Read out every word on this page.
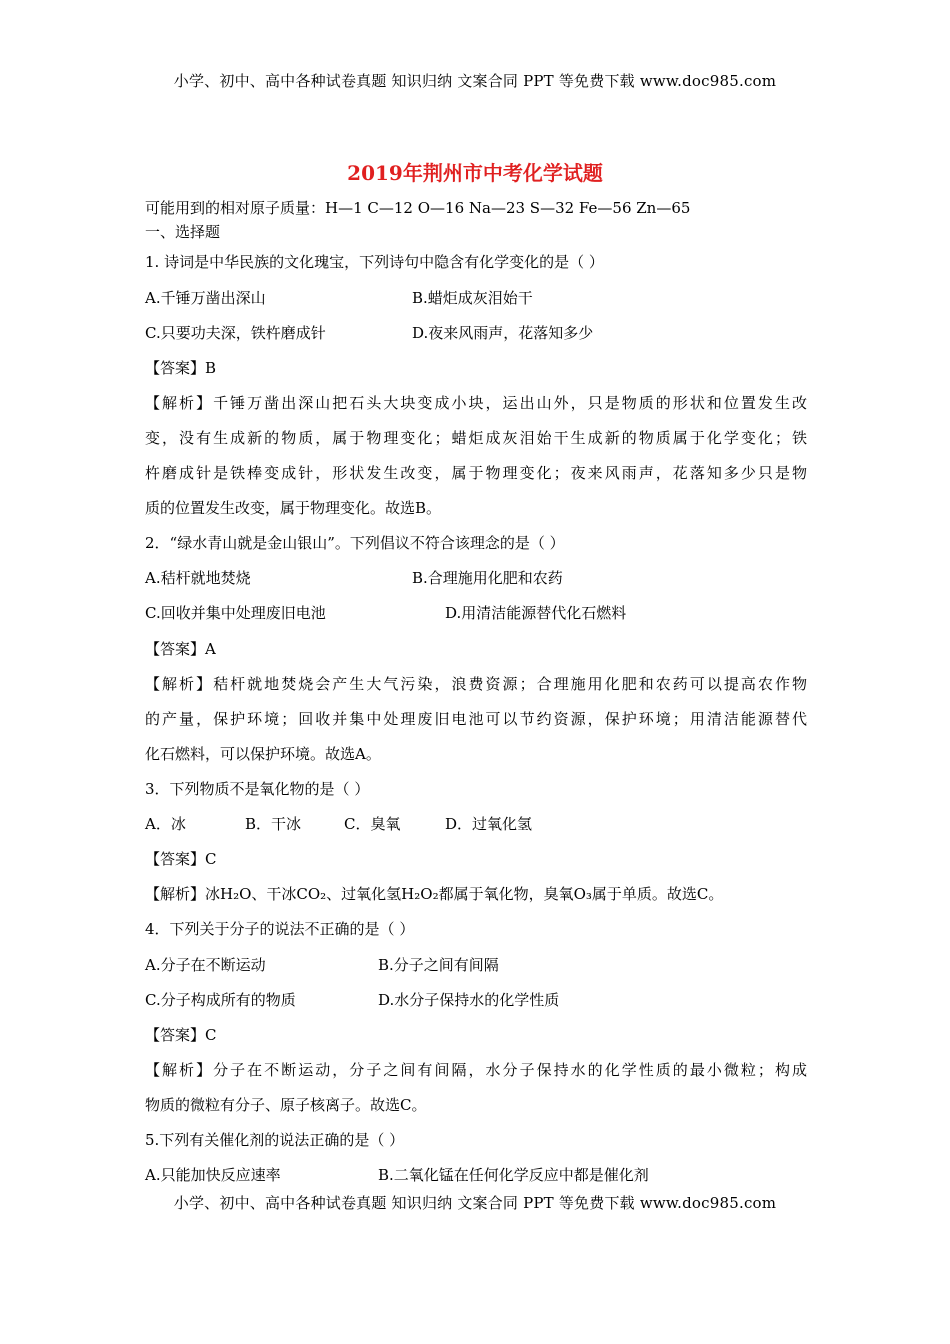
小学、初中、高中各种试卷真题 知识归纳 文案合同 PPT 等免费下载 www.doc985.com
2019年荆州市中考化学试题
可能用到的相对原子质量：H—1 C—12 O—16 Na—23 S—32 Fe—56 Zn—65
一、选择题
1. 诗词是中华民族的文化瑰宝，下列诗句中隐含有化学变化的是（ ）
A.千锤万凿出深山	B.蜡炬成灰泪始干
C.只要功夫深，铁杵磨成针	D.夜来风雨声，花落知多少
【答案】B
【解析】千锤万凿出深山把石头大块变成小块，运出山外，只是物质的形状和位置发生改
变，没有生成新的物质，属于物理变化；蜡炬成灰泪始干生成新的物质属于化学变化；铁
杵磨成针是铁棒变成针，形状发生改变，属于物理变化；夜来风雨声，花落知多少只是物
质的位置发生改变，属于物理变化。故选B。
2．“绿水青山就是金山银山”。下列倡议不符合该理念的是（ ）
A.秸杆就地焚烧	B.合理施用化肥和农药
C.回收并集中处理废旧电池	D.用清洁能源替代化石燃料
【答案】A
【解析】秸杆就地焚烧会产生大气污染，浪费资源；合理施用化肥和农药可以提高农作物
的产量，保护环境；回收并集中处理废旧电池可以节约资源，保护环境；用清洁能源替代
化石燃料，可以保护环境。故选A。
3．下列物质不是氧化物的是（ ）
A．冰	B．干冰	C．臭氧	D．过氧化氢
【答案】C
【解析】冰H₂O、干冰CO₂、过氧化氢H₂O₂都属于氧化物，臭氧O₃属于单质。故选C。
4．下列关于分子的说法不正确的是（ ）
A.分子在不断运动	B.分子之间有间隔
C.分子构成所有的物质	D.水分子保持水的化学性质
【答案】C
【解析】分子在不断运动，分子之间有间隔，水分子保持水的化学性质的最小微粒；构成
物质的微粒有分子、原子核离子。故选C。
5.下列有关催化剂的说法正确的是（ ）
A.只能加快反应速率	B.二氧化锰在任何化学反应中都是催化剂
小学、初中、高中各种试卷真题 知识归纳 文案合同 PPT 等免费下载 www.doc985.com
